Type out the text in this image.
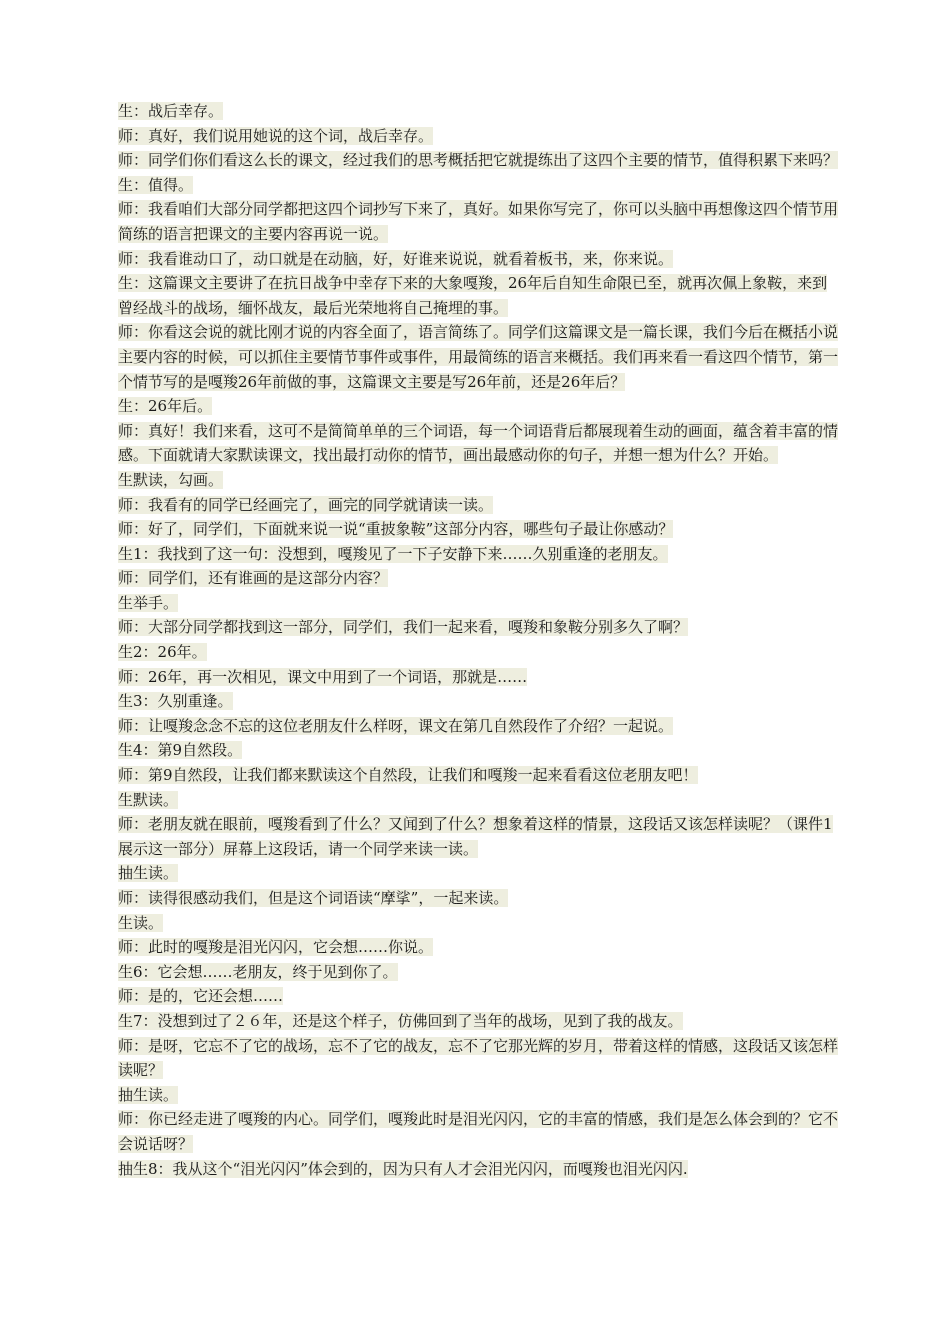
生：战后幸存。

师：真好，我们说用她说的这个词，战后幸存。

师：同学们你们看这么长的课文，经过我们的思考概括把它就提练出了这四个主要的情节，值得积累下来吗？

生：值得。

师：我看咱们大部分同学都把这四个词抄写下来了，真好。如果你写完了，你可以头脑中再想像这四个情节用简练的语言把课文的主要内容再说一说。

师：我看谁动口了，动口就是在动脑，好，好谁来说说，就看着板书，来，你来说。

生：这篇课文主要讲了在抗日战争中幸存下来的大象嘎羧，26年后自知生命限已至，就再次佩上象鞍，来到曾经战斗的战场，缅怀战友，最后光荣地将自己掩埋的事。

师：你看这会说的就比刚才说的内容全面了，语言简练了。同学们这篇课文是一篇长课，我们今后在概括小说主要内容的时候，可以抓住主要情节事件或事件，用最简练的语言来概括。我们再来看一看这四个情节，第一个情节写的是嘎羧26年前做的事，这篇课文主要是写26年前，还是26年后？

生：26年后。

师：真好！我们来看，这可不是简简单单的三个词语，每一个词语背后都展现着生动的画面，蕴含着丰富的情感。下面就请大家默读课文，找出最打动你的情节，画出最感动你的句子，并想一想为什么？开始。

生默读，勾画。

师：我看有的同学已经画完了，画完的同学就请读一读。

师：好了，同学们，下面就来说一说“重披象鞍”这部分内容，哪些句子最让你感动？

生1：我找到了这一句：没想到，嘎羧见了一下子安静下来……久别重逢的老朋友。

师：同学们，还有谁画的是这部分内容？

生举手。

师：大部分同学都找到这一部分，同学们，我们一起来看，嘎羧和象鞍分别多久了啊？

生2：26年。

师：26年，再一次相见，课文中用到了一个词语，那就是……

生3：久别重逢。

师：让嘎羧念念不忘的这位老朋友什么样呀，课文在第几自然段作了介绍？一起说。

生4：第9自然段。

师：第9自然段，让我们都来默读这个自然段，让我们和嘎羧一起来看看这位老朋友吧！

生默读。

师：老朋友就在眼前，嘎羧看到了什么？又闻到了什么？想象着这样的情景，这段话又该怎样读呢？（课件1展示这一部分）屏幕上这段话，请一个同学来读一读。

抽生读。

师：读得很感动我们，但是这个词语读“摩挲”，一起来读。

生读。

师：此时的嘎羧是泪光闪闪，它会想……你说。

生6：它会想……老朋友，终于见到你了。

师：是的，它还会想……

生7：没想到过了２６年，还是这个样子，仿佛回到了当年的战场，见到了我的战友。

师：是呀，它忘不了它的战场，忘不了它的战友，忘不了它那光辉的岁月，带着这样的情感，这段话又该怎样读呢？

抽生读。

师：你已经走进了嘎羧的内心。同学们，嘎羧此时是泪光闪闪，它的丰富的情感，我们是怎么体会到的？它不会说话呀？

抽生8：我从这个“泪光闪闪”体会到的，因为只有人才会泪光闪闪，而嘎羧也泪光闪闪.
